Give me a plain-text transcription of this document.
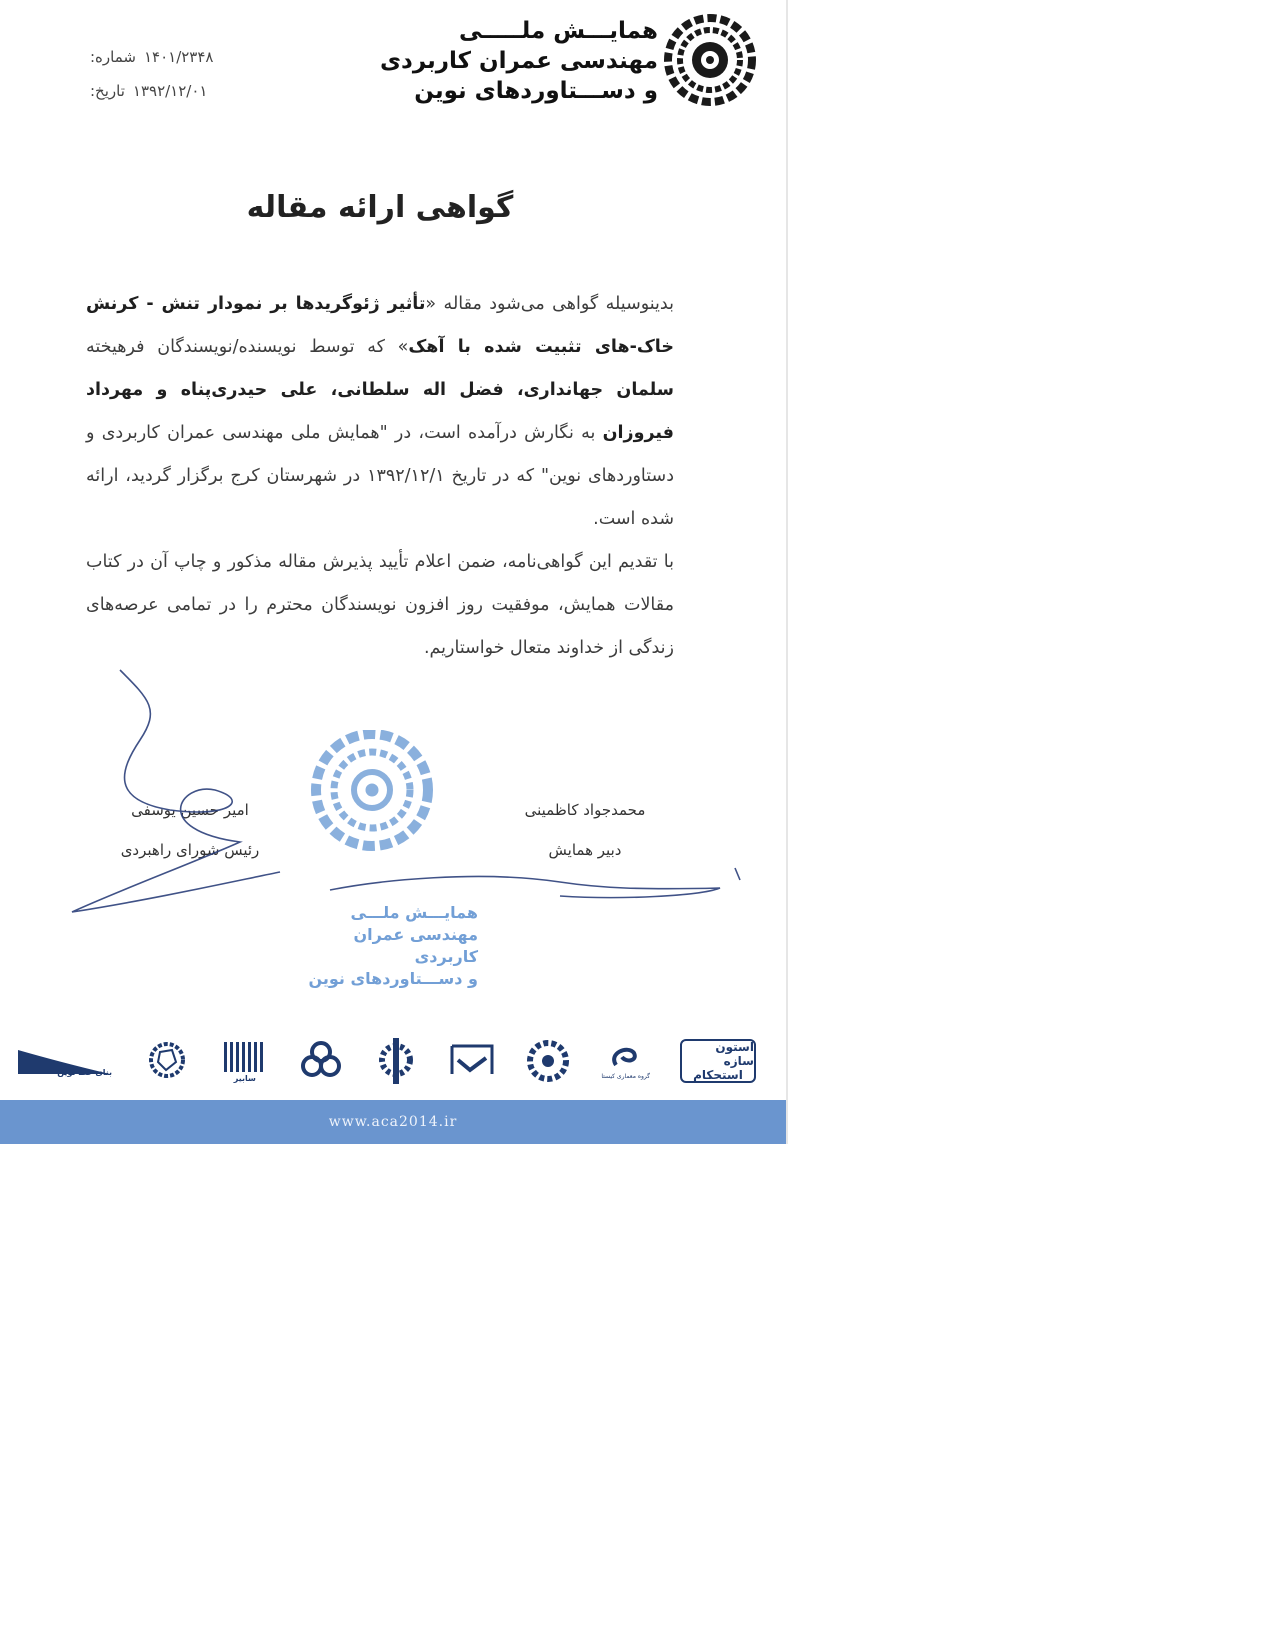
همایـــش ملـــــی
مهندسی عمران کاربردی
و دســـتاوردهای نوین
شماره: ۱۴۰۱/۲۳۴۸
تاریخ: ۱۳۹۲/۱۲/۰۱
گواهی ارائه مقاله

بدینوسیله گواهی می‌شود مقاله «تأثیر ژئوگریدها بر نمودار تنش - کرنش خاک-های تثبیت شده با آهک» که توسط نویسنده/نویسندگان فرهیخته سلمان جهانداری، فضل اله سلطانی، علی حیدری‌پناه و مهرداد فیروزان به نگارش درآمده است، در "همایش ملی مهندسی عمران کاربردی و دستاوردهای نوین" که در تاریخ ۱۳۹۲/۱۲/۱ در شهرستان کرج برگزار گردید، ارائه شده است.

با تقدیم این گواهی‌نامه، ضمن اعلام تأیید پذیرش مقاله مذکور و چاپ آن در کتاب مقالات همایش، موفقیت روز افزون نویسندگان محترم را در تمامی عرصه‌های زندگی از خداوند متعال خواستاریم.

همایـــش ملـــی
مهندسی عمران کاربردی
و دســـتاوردهای نوین
امیر حسین یوسفی
رئیس شورای راهبردی
محمدجواد کاظمینی
دبیر همایش
استون سازه
استحکام
گروه معماری کیستا
سابیر
بنای خط نوین
www.aca2014.ir
